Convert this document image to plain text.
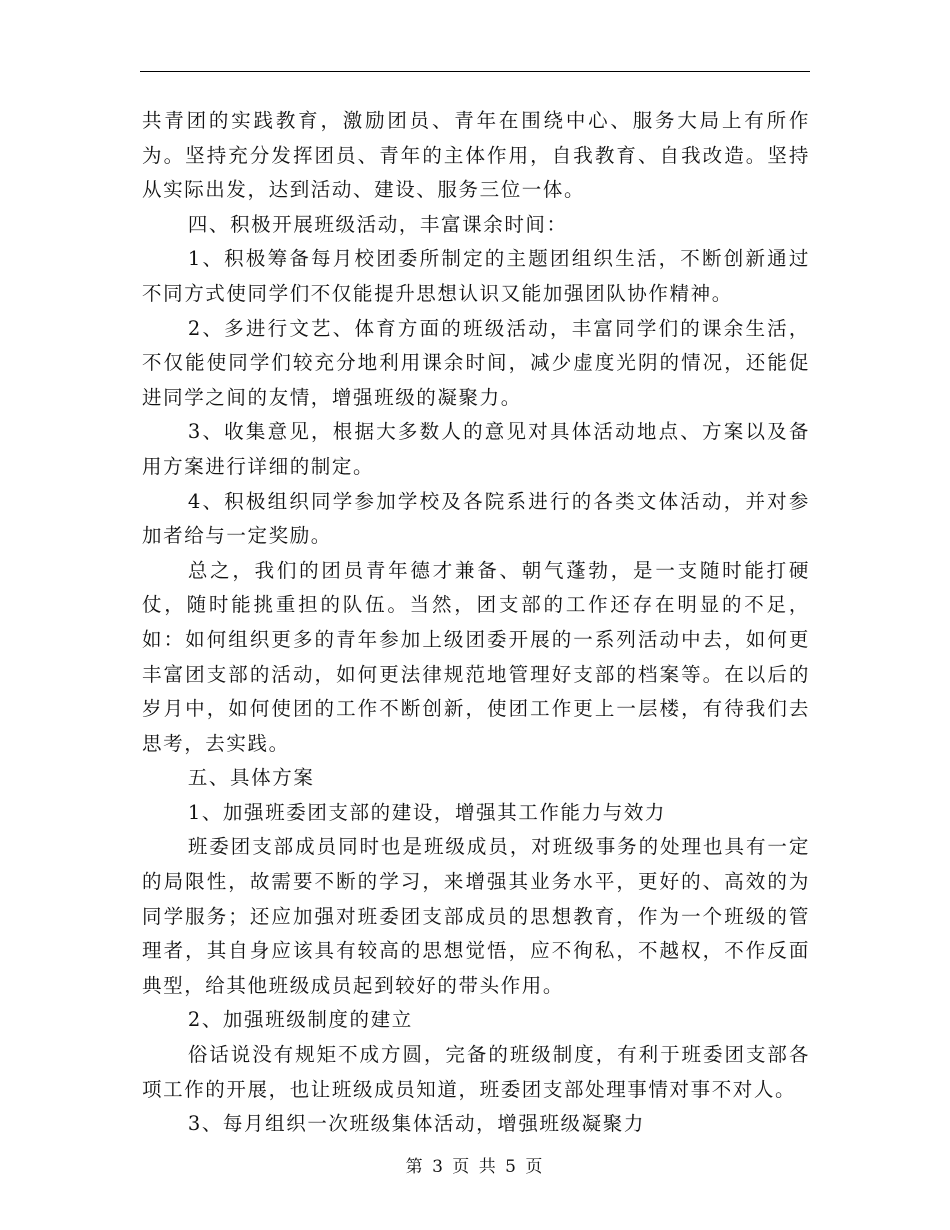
共青团的实践教育，激励团员、青年在围绕中心、服务大局上有所作为。坚持充分发挥团员、青年的主体作用，自我教育、自我改造。坚持从实际出发，达到活动、建设、服务三位一体。

四、积极开展班级活动，丰富课余时间：

1、积极筹备每月校团委所制定的主题团组织生活，不断创新通过不同方式使同学们不仅能提升思想认识又能加强团队协作精神。

2、多进行文艺、体育方面的班级活动，丰富同学们的课余生活，不仅能使同学们较充分地利用课余时间，减少虚度光阴的情况，还能促进同学之间的友情，增强班级的凝聚力。

3、收集意见，根据大多数人的意见对具体活动地点、方案以及备用方案进行详细的制定。

4、积极组织同学参加学校及各院系进行的各类文体活动，并对参加者给与一定奖励。

总之，我们的团员青年德才兼备、朝气蓬勃，是一支随时能打硬仗，随时能挑重担的队伍。当然，团支部的工作还存在明显的不足，如：如何组织更多的青年参加上级团委开展的一系列活动中去，如何更丰富团支部的活动，如何更法律规范地管理好支部的档案等。在以后的岁月中，如何使团的工作不断创新，使团工作更上一层楼，有待我们去思考，去实践。

五、具体方案

1、加强班委团支部的建设，增强其工作能力与效力

班委团支部成员同时也是班级成员，对班级事务的处理也具有一定的局限性，故需要不断的学习，来增强其业务水平，更好的、高效的为同学服务；还应加强对班委团支部成员的思想教育，作为一个班级的管理者，其自身应该具有较高的思想觉悟，应不徇私，不越权，不作反面典型，给其他班级成员起到较好的带头作用。

2、加强班级制度的建立

俗话说没有规矩不成方圆，完备的班级制度，有利于班委团支部各项工作的开展，也让班级成员知道，班委团支部处理事情对事不对人。

3、每月组织一次班级集体活动，增强班级凝聚力

第 3 页 共 5 页
